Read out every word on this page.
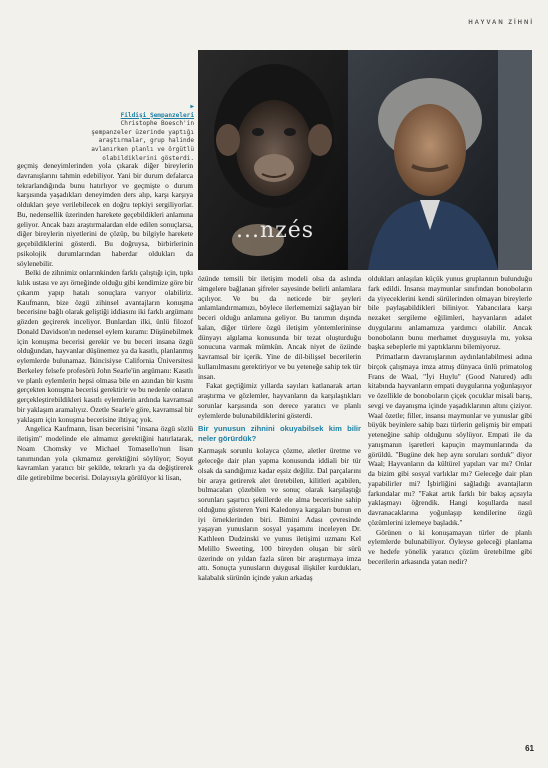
HAYVAN ZİHNİ
...nzés
▶
Fildişi Şempanzeleri
Christophe Boesch'in şempanzeler üzerinde yaptığı araştırmalar, grup halinde avlanırken planlı ve örgütlü olabildiklerini gösterdi.

geçmiş deneyimlerinden yola çıkarak diğer bireylerin davranışlarını tahmin edebiliyor. Yani bir durum defalarca tekrarlandığında bunu hatırlıyor ve geçmişte o durum karşısında yaşadıkları deneyimden ders alıp, karşı karşıya oldukları şeye verilebilecek en doğru tepkiyi sergiliyorlar. Bu, nedensellik üzerinden harekete geçebildikleri anlamına geliyor. Ancak bazı araştırmalardan elde edilen sonuçlarsa, diğer bireylerin niyetlerini de çözüp, bu bilgiyle harekete geçebildiklerini gösterdi. Bu doğruysa, birbirlerinin psikolojik durumlarından haberdar oldukları da söylenebilir.

Belki de zihnimiz onlarınkinden farklı çalıştığı için, tıpkı kılık ustası ve ayı örneğinde olduğu gibi kendimize göre bir çıkarım yapıp hatalı sonuçlara varıyor olabiliriz. Kaufmann, bize özgü zihinsel avantajların konuşma becerisine bağlı olarak geliştiği iddiasını iki farklı argümanı gözden geçirerek inceliyor. Bunlardan ilki, ünlü filozof Donald Davidson'ın nedensel eylem kuramı: Düşünebilmek için konuşma becerisi gerekir ve bu beceri insana özgü olduğundan, hayvanlar düşünemez ya da kasıtlı, planlanmış eylemlerde bulunamaz. İkincisiyse California Üniversitesi Berkeley felsefe profesörü John Searle'ün argümanı: Kasıtlı ve planlı eylemlerin hepsi olmasa bile en azından bir kısmı gerçekten konuşma becerisi gerektirir ve bu nedenle onların gerçekleştirebildikleri kasıtlı eylemlerin ardında kavramsal bir yaklaşım aramalıyız. Özetle Searle'e göre, kavramsal bir yaklaşım için konuşma becerisine ihtiyaç yok.

Angelica Kaufmann, lisan becerisini "insana özgü sözlü iletişim" modelinde ele almamız gerektiğini hatırlatarak, Noam Chomsky ve Michael Tomasello'nun lisan tanımından yola çıkmamız gerektiğini söylüyor; Soyut kavramları yaratıcı bir şekilde, tekrarlı ya da değiştirerek dile getirebilme becerisi. Dolayısıyla görülüyor ki lisan,

özünde temsili bir iletişim modeli olsa da aslında simgelere bağlanan şifreler sayesinde belirli anlamlara açılıyor. Ve bu da neticede bir şeyleri anlamlandırmamızı, böylece ilerlememizi sağlayan bir beceri olduğu anlamına geliyor. Bu tanımın dışında kalan, diğer türlere özgü iletişim yöntemlerininse dünyayı algılama konusunda bir tezat oluşturduğu sonucuna varmak mümkün. Ancak niyet de özünde kavramsal bir içerik. Yine de dil-bilişsel becerilerin kullanılmasını gerektiriyor ve bu yeteneğe sahip tek tür insan.

Fakat geçtiğimiz yıllarda sayıları katlanarak artan araştırma ve gözlemler, hayvanların da karşılaştıkları sorunlar karşısında son derece yaratıcı ve planlı eylemlerde bulunabildiklerini gösterdi.

Bir yunusun zihnini okuyabilsek kim bilir neler görürdük?

Karmaşık sorunlu kolayca çözme, aletler üretme ve geleceğe dair plan yapma konusunda iddiali bir tür olsak da sandığımız kadar eşsiz değiliz. Dal parçalarını bir araya getirerek alet üretebilen, kilitleri açabilen, bulmacaları çözebilen ve sonuç olarak karşılaştığı sorunları şaşırtıcı şekillerde ele alma becerisine sahip olduğunu gösteren Yeni Kaledonya kargaları bunun en iyi örneklerinden biri. Bimini Adası çevresinde yaşayan yunusların sosyal yaşamını inceleyen Dr. Kathleen Dudzinski ve yunus iletişimi uzmanı Kel Melillo Sweeting, 100 bireyden oluşan bir sürü üzerinde on yıldan fazla süren bir araştırmaya imza attı. Sonuçta yunusların duygusal ilişkiler kurdukları, kalabalık sürünün içinde yakın arkadaş

oldukları anlaşılan küçük yunus gruplarının bulunduğu fark edildi. İnsansı maymunlar sınıfından bonoboların da yiyeceklerini kendi sürülerinden olmayan bireylerle bile paylaşabildikleri biliniyor. Yabancılara karşı nezaket sergileme eğilimleri, hayvanların adalet duygularını anlamamıza yardımcı olabilir. Ancak bonoboların bunu merhamet duygusuyla mı, yoksa başka sebeplerle mi yaptıklarını bilemiyoruz.

Primatların davranışlarının aydınlatılabilmesi adına birçok çalışmaya imza atmış dünyaca ünlü primatolog Frans de Waal, "İyi Huylu" (Good Natured) adlı kitabında hayvanların empati duygularına yoğunlaşıyor ve özellikle de bonoboların çiçek çocuklar misali barış, sevgi ve dayanışma içinde yaşadıklarının altını çiziyor. Waal özetle; filler, insansı maymunlar ve yunuslar gibi büyük beyinlere sahip bazı türlerin gelişmiş bir empati yeteneğine sahip olduğunu söylüyor. Empati ile da yanışmanın işaretleri kapuçin maymunlarında da görüldü. "Bugüne dek hep aynı soruları sorduk" diyor Waal; Hayvanların da kültürel yapıları var mı? Onlar da bizim gibi sosyal varlıklar mı? Geleceğe dair plan yapabilirler mi? İşbirliğini sağladığı avantajların farkındalar mı? "Fakat artık farklı bir bakış açısıyla yaklaşmayı öğrendik. Hangi koşullarda nasıl davranacaklarına yoğunlaşıp kendilerine özgü çözümlerini izlemeye başladık."

Görünen o ki konuşamayan türler de planlı eylemlerde bulunabiliyor. Öyleyse geleceği planlama ve hedefe yönelik yaratıcı çözüm üretebilme gibi becerilerin arkasında yatan nedir?

61
